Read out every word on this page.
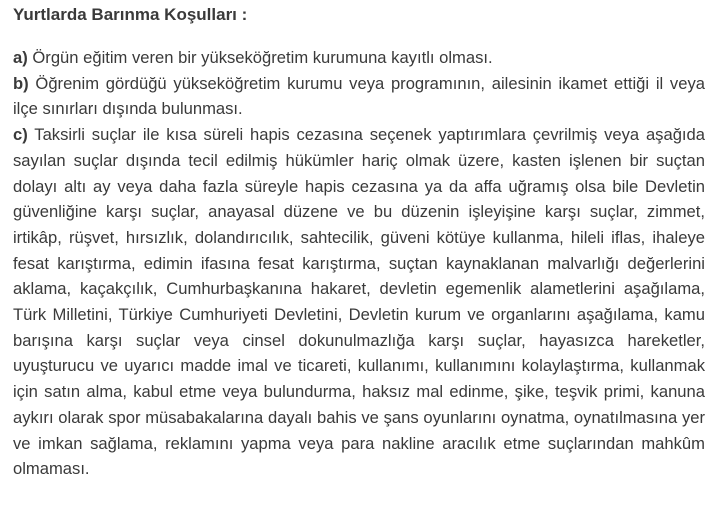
Yurtlarda Barınma Koşulları :

a) Örgün eğitim veren bir yükseköğretim kurumuna kayıtlı olması.

b) Öğrenim gördüğü yükseköğretim kurumu veya programının, ailesinin ikamet ettiği il veya ilçe sınırları dışında bulunması.

c) Taksirli suçlar ile kısa süreli hapis cezasına seçenek yaptırımlara çevrilmiş veya aşağıda sayılan suçlar dışında tecil edilmiş hükümler hariç olmak üzere, kasten işlenen bir suçtan dolayı altı ay veya daha fazla süreyle hapis cezasına ya da affa uğramış olsa bile Devletin güvenliğine karşı suçlar, anayasal düzene ve bu düzenin işleyişine karşı suçlar, zimmet, irtikâp, rüşvet, hırsızlık, dolandırıcılık, sahtecilik, güveni kötüye kullanma, hileli iflas, ihaleye fesat karıştırma, edimin ifasına fesat karıştırma, suçtan kaynaklanan malvarlığı değerlerini aklama, kaçakçılık, Cumhurbaşkanına hakaret, devletin egemenlik alametlerini aşağılama, Türk Milletini, Türkiye Cumhuriyeti Devletini, Devletin kurum ve organlarını aşağılama, kamu barışına karşı suçlar veya cinsel dokunulmazlığa karşı suçlar, hayasızca hareketler, uyuşturucu ve uyarıcı madde imal ve ticareti, kullanımı, kullanımını kolaylaştırma, kullanmak için satın alma, kabul etme veya bulundurma, haksız mal edinme, şike, teşvik primi, kanuna aykırı olarak spor müsabakalarına dayalı bahis ve şans oyunlarını oynatma, oynatılmasına yer ve imkan sağlama, reklamını yapma veya para nakline aracılık etme suçlarından mahkûm olmaması.
